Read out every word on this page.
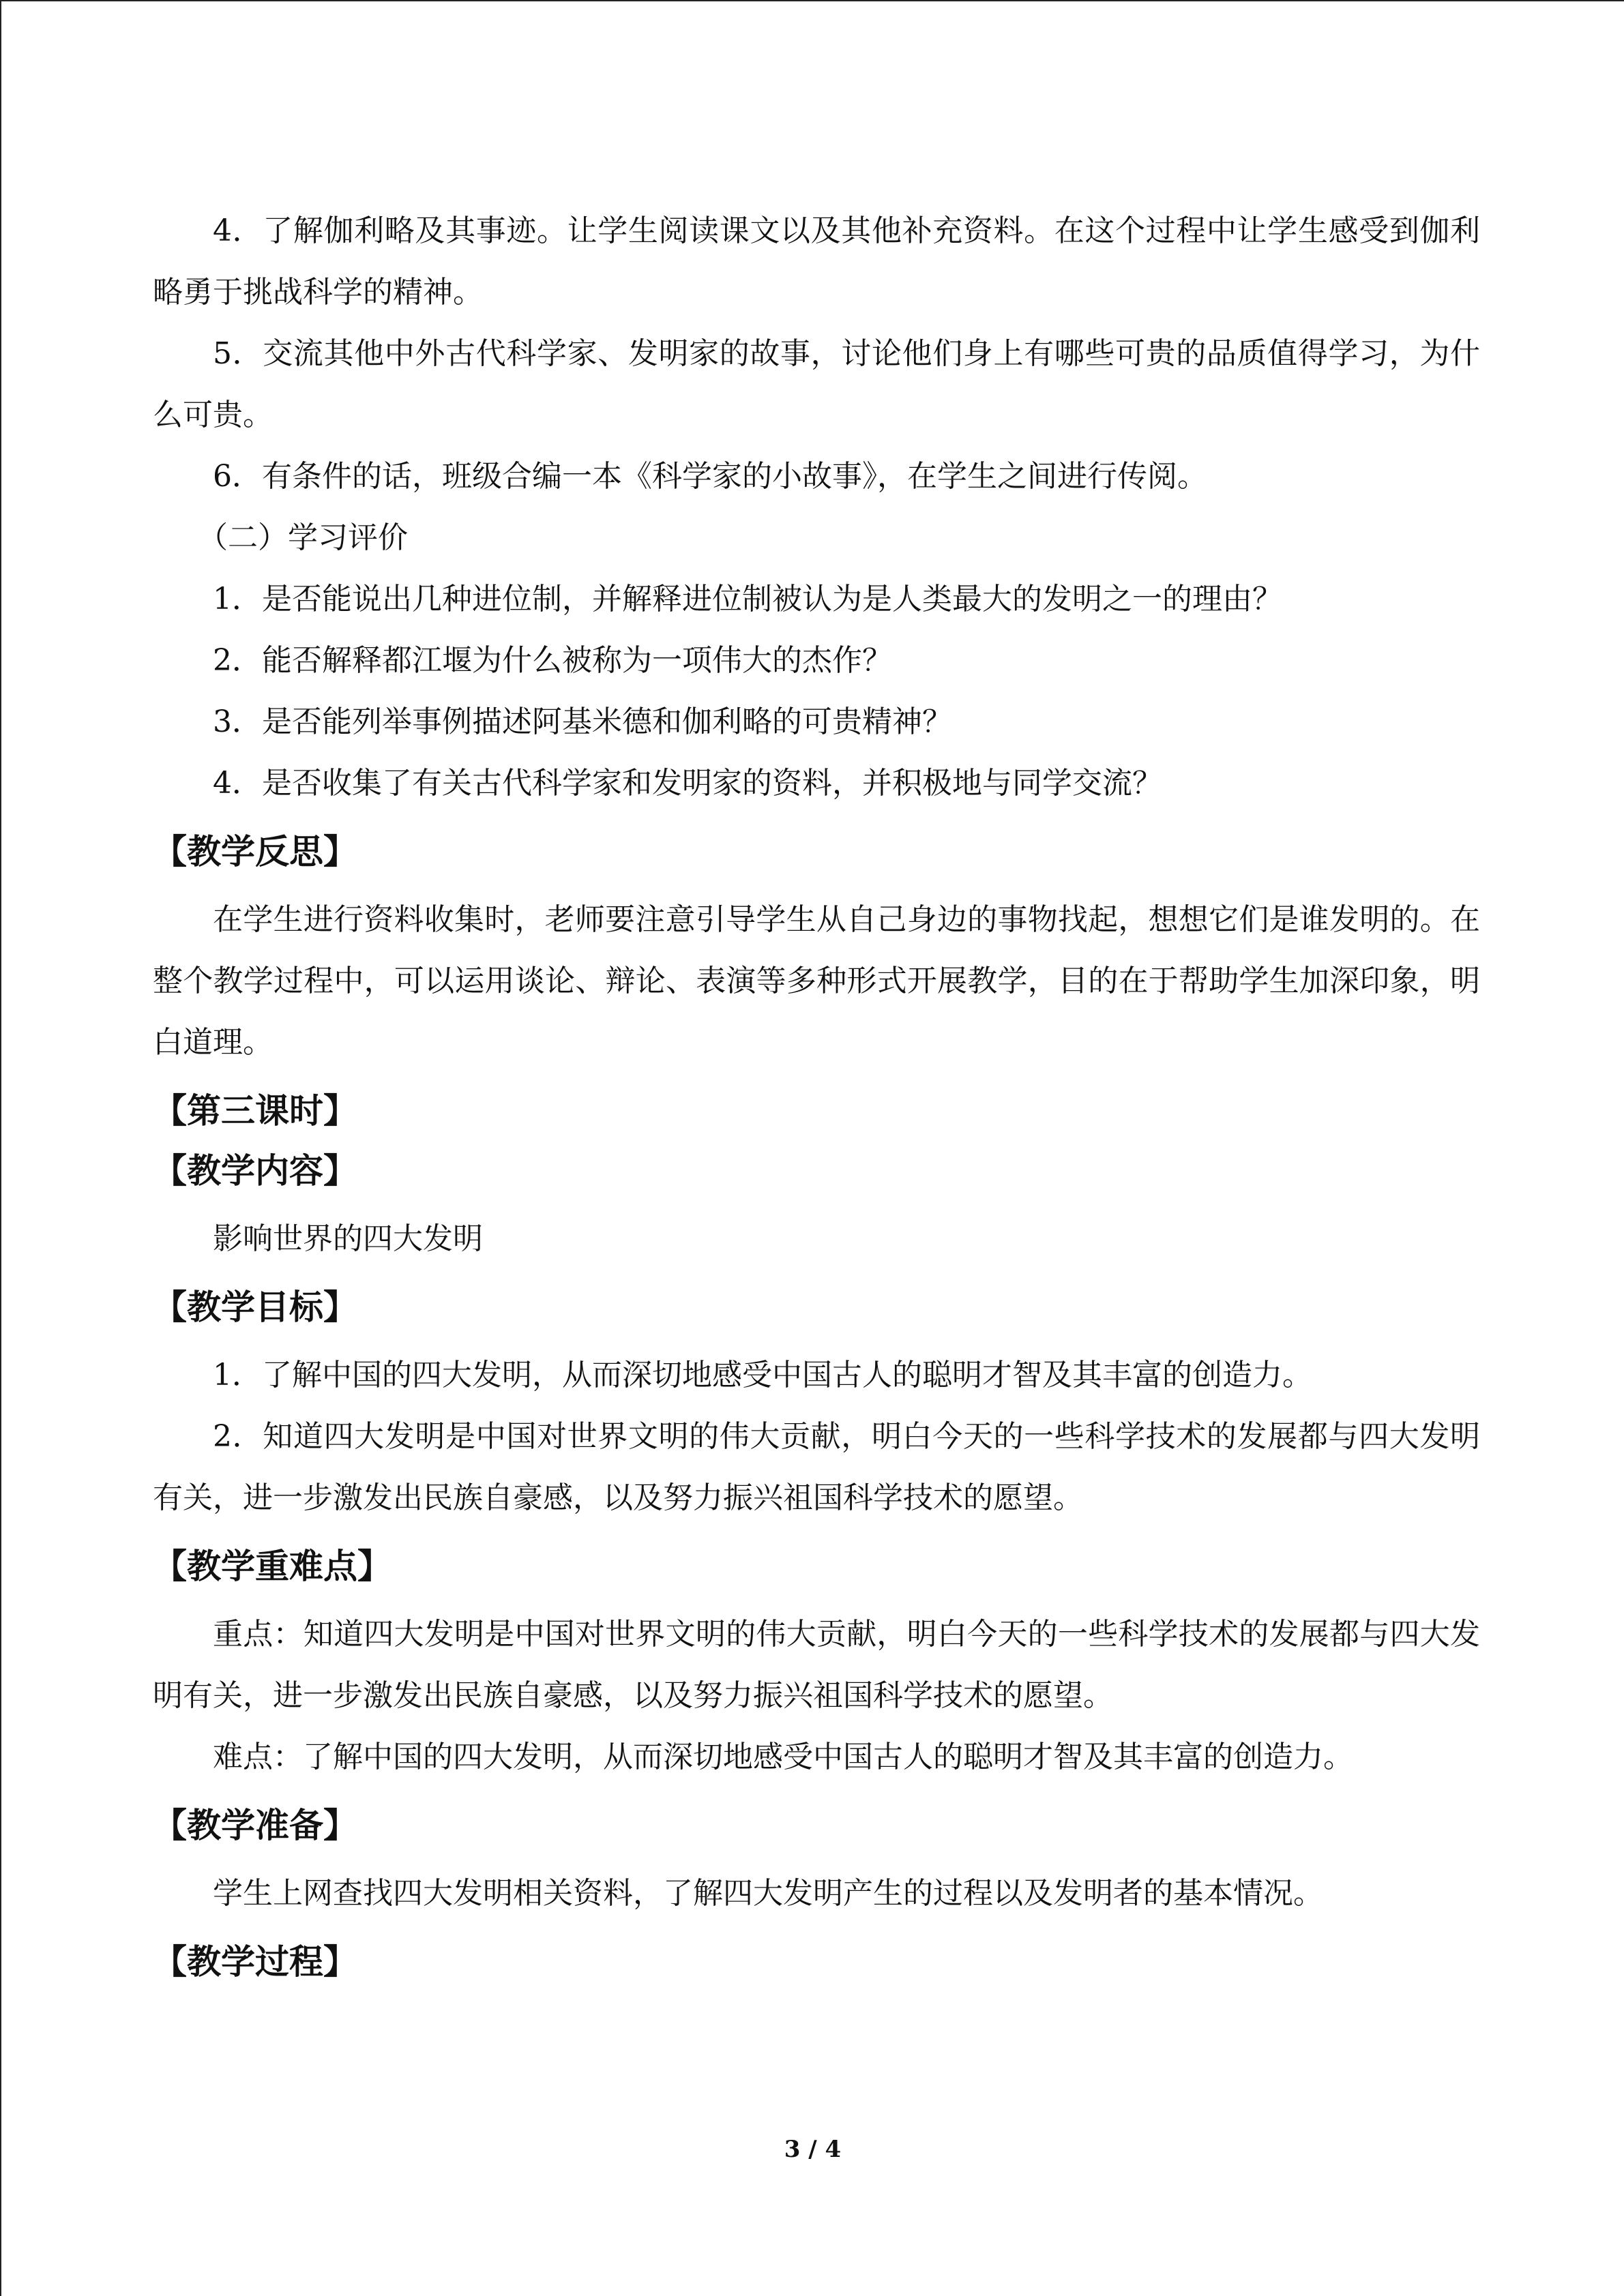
4．了解伽利略及其事迹。让学生阅读课文以及其他补充资料。在这个过程中让学生感受到伽利略勇于挑战科学的精神。

5．交流其他中外古代科学家、发明家的故事，讨论他们身上有哪些可贵的品质值得学习，为什么可贵。

6．有条件的话，班级合编一本《科学家的小故事》，在学生之间进行传阅。

（二）学习评价

1．是否能说出几种进位制，并解释进位制被认为是人类最大的发明之一的理由？

2．能否解释都江堰为什么被称为一项伟大的杰作？

3．是否能列举事例描述阿基米德和伽利略的可贵精神？

4．是否收集了有关古代科学家和发明家的资料，并积极地与同学交流？

【教学反思】

在学生进行资料收集时，老师要注意引导学生从自己身边的事物找起，想想它们是谁发明的。在整个教学过程中，可以运用谈论、辩论、表演等多种形式开展教学，目的在于帮助学生加深印象，明白道理。

【第三课时】
【教学内容】

影响世界的四大发明

【教学目标】

1．了解中国的四大发明，从而深切地感受中国古人的聪明才智及其丰富的创造力。

2．知道四大发明是中国对世界文明的伟大贡献，明白今天的一些科学技术的发展都与四大发明有关，进一步激发出民族自豪感，以及努力振兴祖国科学技术的愿望。

【教学重难点】

重点：知道四大发明是中国对世界文明的伟大贡献，明白今天的一些科学技术的发展都与四大发明有关，进一步激发出民族自豪感，以及努力振兴祖国科学技术的愿望。

难点：了解中国的四大发明，从而深切地感受中国古人的聪明才智及其丰富的创造力。

【教学准备】

学生上网查找四大发明相关资料，了解四大发明产生的过程以及发明者的基本情况。

【教学过程】
3 / 4
